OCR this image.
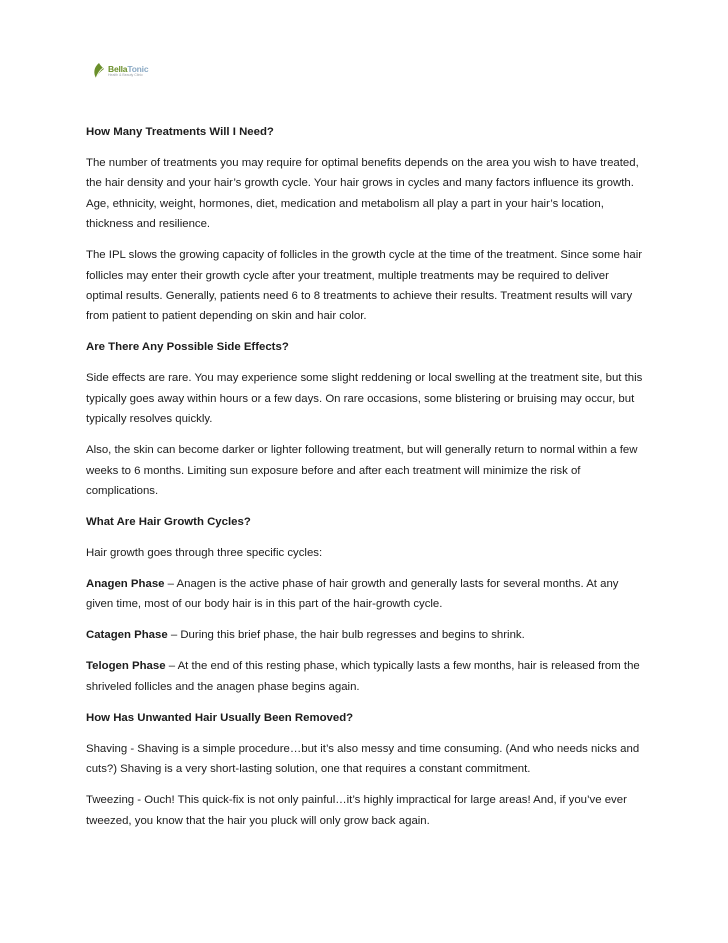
BellaTonic
Health & Beauty Clinic
How Many Treatments Will I Need?

The number of treatments you may require for optimal benefits depends on the area you wish to have treated, the hair density and your hair’s growth cycle. Your hair grows in cycles and many factors influence its growth. Age, ethnicity, weight, hormones, diet, medication and metabolism all play a part in your hair’s location, thickness and resilience.

The IPL slows the growing capacity of follicles in the growth cycle at the time of the treatment. Since some hair follicles may enter their growth cycle after your treatment, multiple treatments may be required to deliver optimal results. Generally, patients need 6 to 8 treatments to achieve their results. Treatment results will vary from patient to patient depending on skin and hair color.

Are There Any Possible Side Effects?

Side effects are rare. You may experience some slight reddening or local swelling at the treatment site, but this typically goes away within hours or a few days. On rare occasions, some blistering or bruising may occur, but typically resolves quickly.

Also, the skin can become darker or lighter following treatment, but will generally return to normal within a few weeks to 6 months. Limiting sun exposure before and after each treatment will minimize the risk of complications.

What Are Hair Growth Cycles?

Hair growth goes through three specific cycles:

Anagen Phase – Anagen is the active phase of hair growth and generally lasts for several months. At any given time, most of our body hair is in this part of the hair-growth cycle.

Catagen Phase – During this brief phase, the hair bulb regresses and begins to shrink.

Telogen Phase – At the end of this resting phase, which typically lasts a few months, hair is released from the shriveled follicles and the anagen phase begins again.

How Has Unwanted Hair Usually Been Removed?

Shaving - Shaving is a simple procedure…but it’s also messy and time consuming. (And who needs nicks and cuts?) Shaving is a very short-lasting solution, one that requires a constant commitment.

Tweezing - Ouch! This quick-fix is not only painful…it’s highly impractical for large areas! And, if you’ve ever tweezed, you know that the hair you pluck will only grow back again.
